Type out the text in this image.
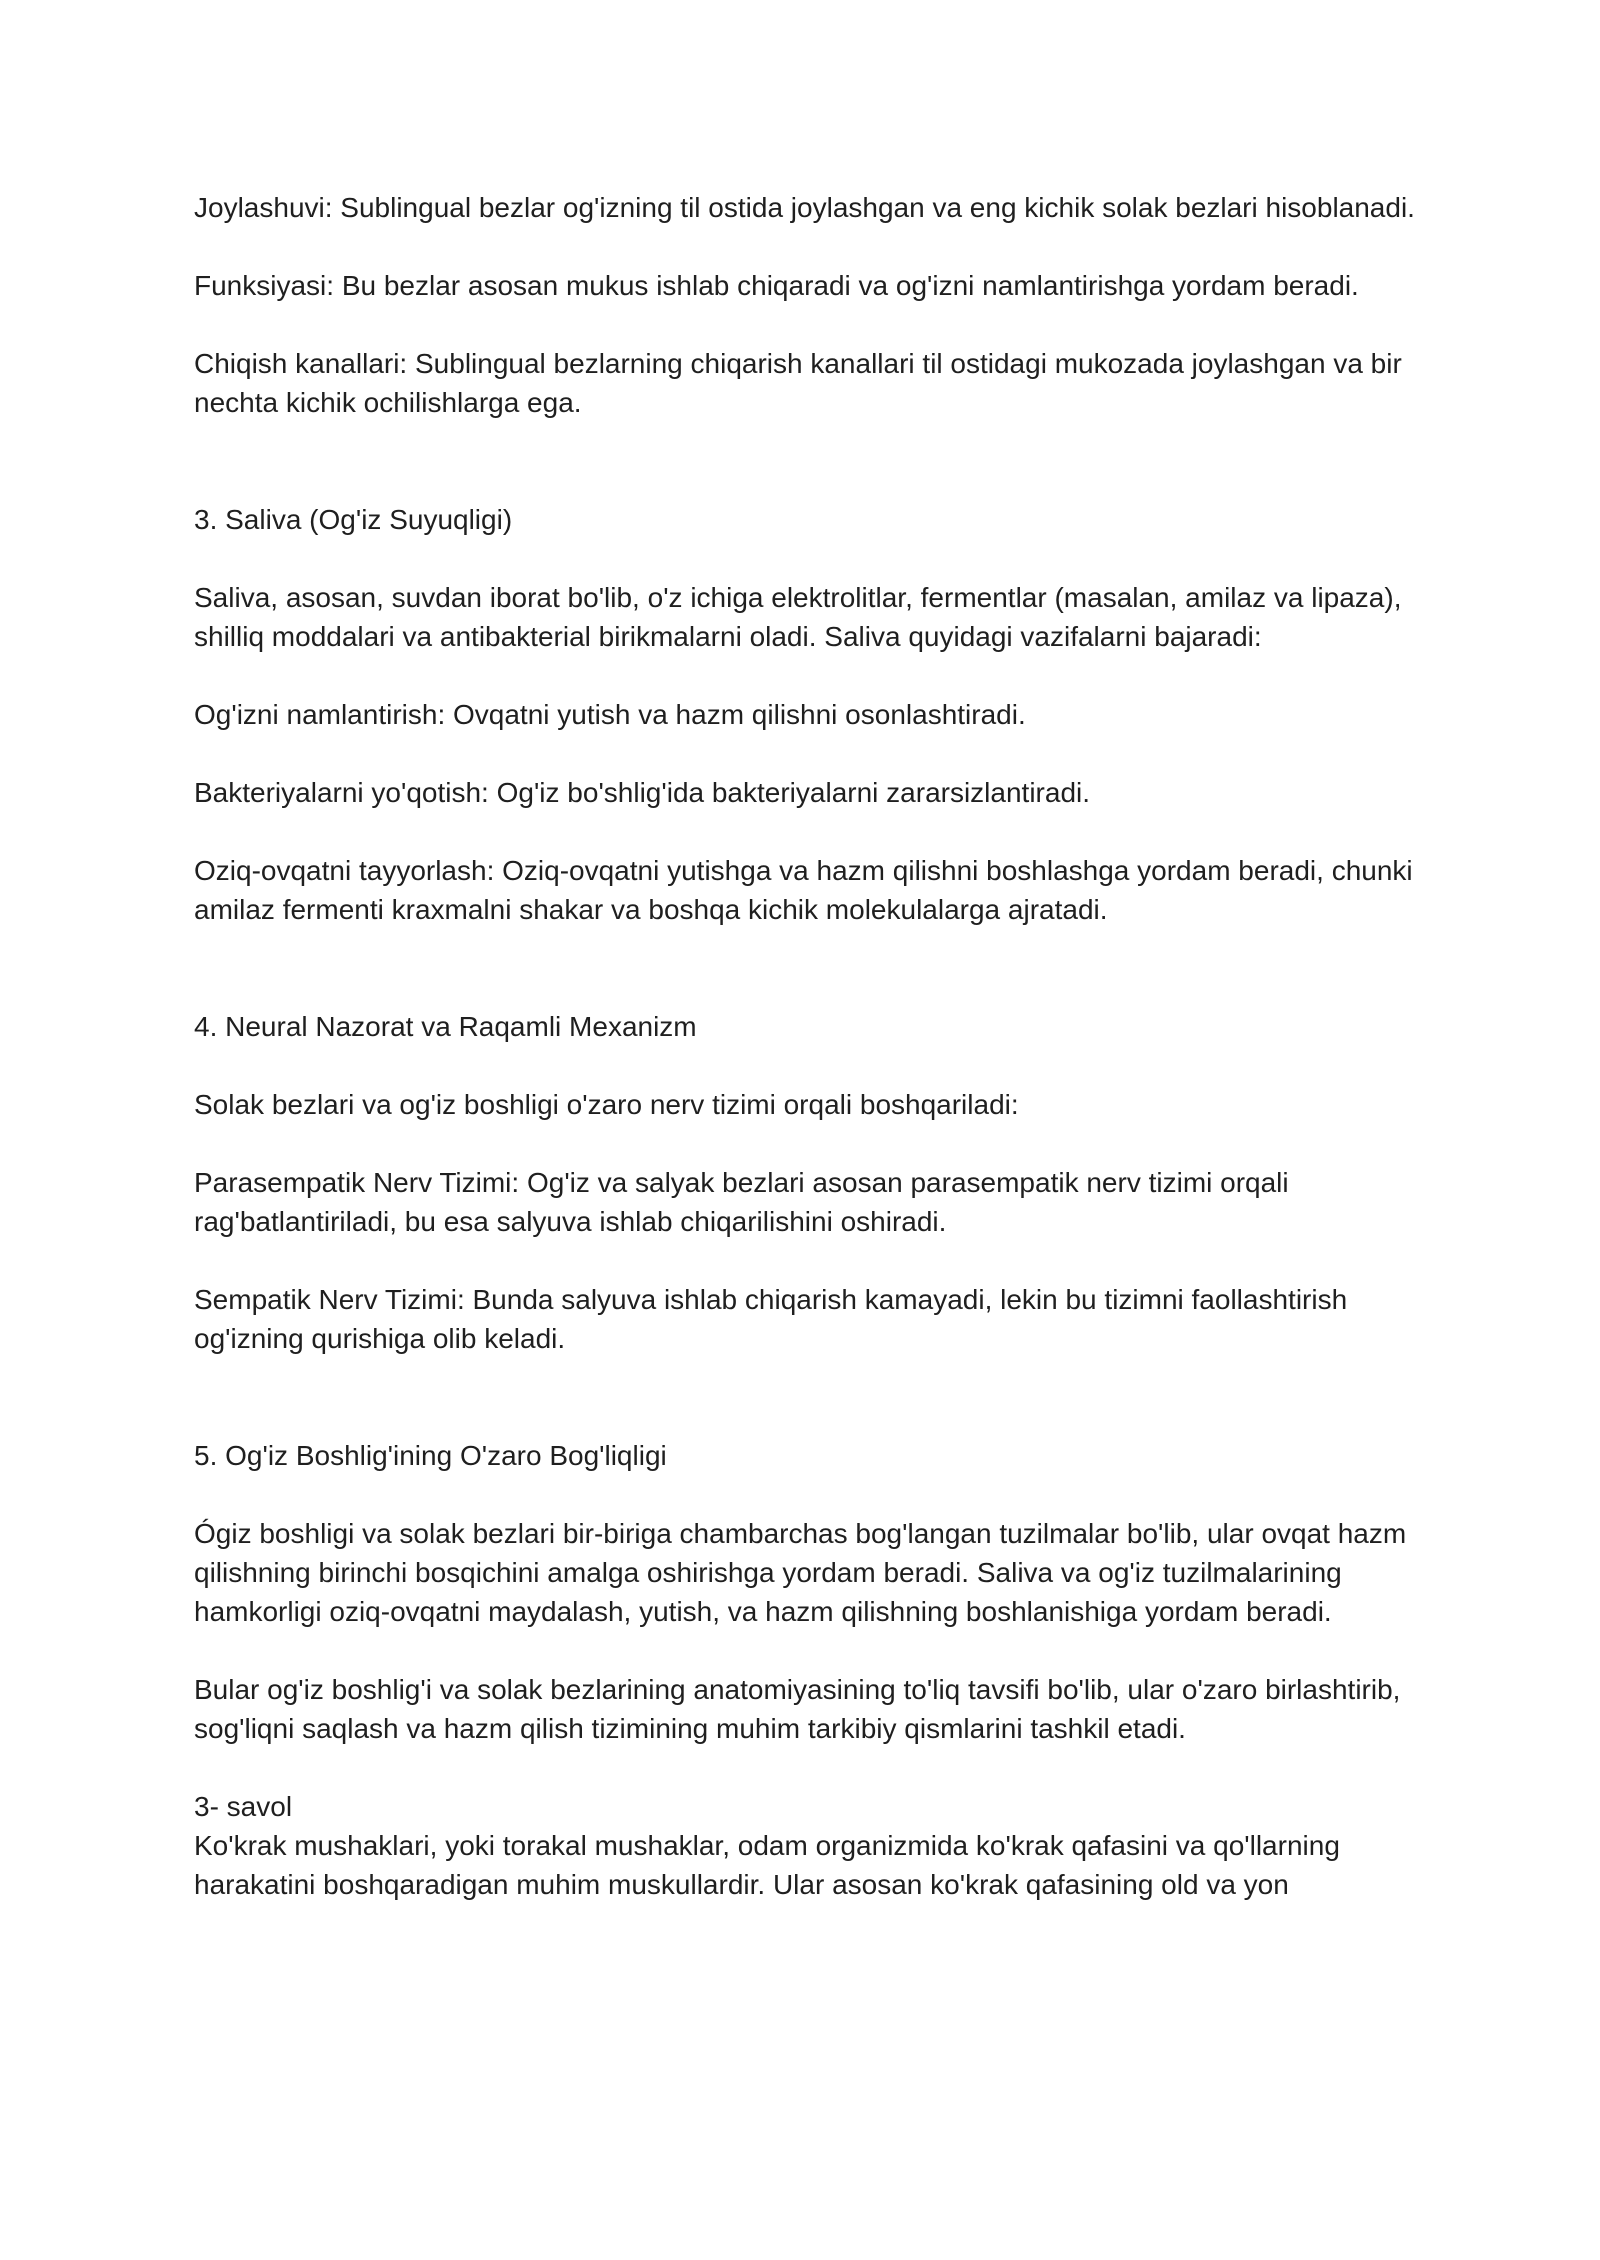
Joylashuvi: Sublingual bezlar og'izning til ostida joylashgan va eng kichik solak bezlari hisoblanadi.

Funksiyasi: Bu bezlar asosan mukus ishlab chiqaradi va og'izni namlantirishga yordam beradi.

Chiqish kanallari: Sublingual bezlarning chiqarish kanallari til ostidagi mukozada joylashgan va bir nechta kichik ochilishlarga ega.

3. Saliva (Og'iz Suyuqligi)

Saliva, asosan, suvdan iborat bo'lib, o'z ichiga elektrolitlar, fermentlar (masalan, amilaz va lipaza), shilliq moddalari va antibakterial birikmalarni oladi. Saliva quyidagi vazifalarni bajaradi:

Og'izni namlantirish: Ovqatni yutish va hazm qilishni osonlashtiradi.

Bakteriyalarni yo'qotish: Og'iz bo'shlig'ida bakteriyalarni zararsizlantiradi.

Oziq-ovqatni tayyorlash: Oziq-ovqatni yutishga va hazm qilishni boshlashga yordam beradi, chunki amilaz fermenti kraxmalni shakar va boshqa kichik molekulalarga ajratadi.

4. Neural Nazorat va Raqamli Mexanizm

Solak bezlari va og'iz boshligi o'zaro nerv tizimi orqali boshqariladi:

Parasempatik Nerv Tizimi: Og'iz va salyak bezlari asosan parasempatik nerv tizimi orqali rag'batlantiriladi, bu esa salyuva ishlab chiqarilishini oshiradi.

Sempatik Nerv Tizimi: Bunda salyuva ishlab chiqarish kamayadi, lekin bu tizimni faollashtirish og'izning qurishiga olib keladi.

5. Og'iz Boshlig'ining O'zaro Bog'liqligi

Ógiz boshligi va solak bezlari bir-biriga chambarchas bog'langan tuzilmalar bo'lib, ular ovqat hazm qilishning birinchi bosqichini amalga oshirishga yordam beradi. Saliva va og'iz tuzilmalarining hamkorligi oziq-ovqatni maydalash, yutish, va hazm qilishning boshlanishiga yordam beradi.

Bular og'iz boshlig'i va solak bezlarining anatomiyasining to'liq tavsifi bo'lib, ular o'zaro birlashtirib, sog'liqni saqlash va hazm qilish tizimining muhim tarkibiy qismlarini tashkil etadi.

3- savol

Ko'krak mushaklari, yoki torakal mushaklar, odam organizmida ko'krak qafasini va qo'llarning harakatini boshqaradigan muhim muskullardir. Ular asosan ko'krak qafasining old va yon
